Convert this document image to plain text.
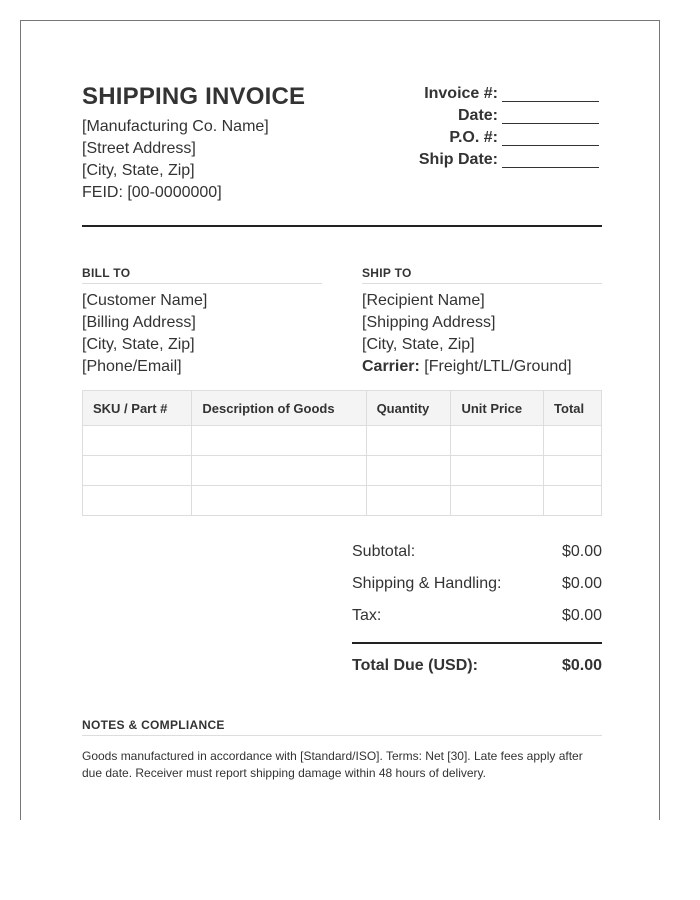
SHIPPING INVOICE
[Manufacturing Co. Name]
[Street Address]
[City, State, Zip]
FEID: [00-0000000]
Invoice #:
Date:
P.O. #:
Ship Date:
BILL TO
[Customer Name]
[Billing Address]
[City, State, Zip]
[Phone/Email]
SHIP TO
[Recipient Name]
[Shipping Address]
[City, State, Zip]
Carrier: [Freight/LTL/Ground]
SKU / Part #	Description of Goods	Quantity	Unit Price	Total

Subtotal:	$0.00
Shipping & Handling:	$0.00
Tax:	$0.00
Total Due (USD):	$0.00
NOTES & COMPLIANCE
Goods manufactured in accordance with [Standard/ISO]. Terms: Net [30]. Late fees apply after due date. Receiver must report shipping damage within 48 hours of delivery.
